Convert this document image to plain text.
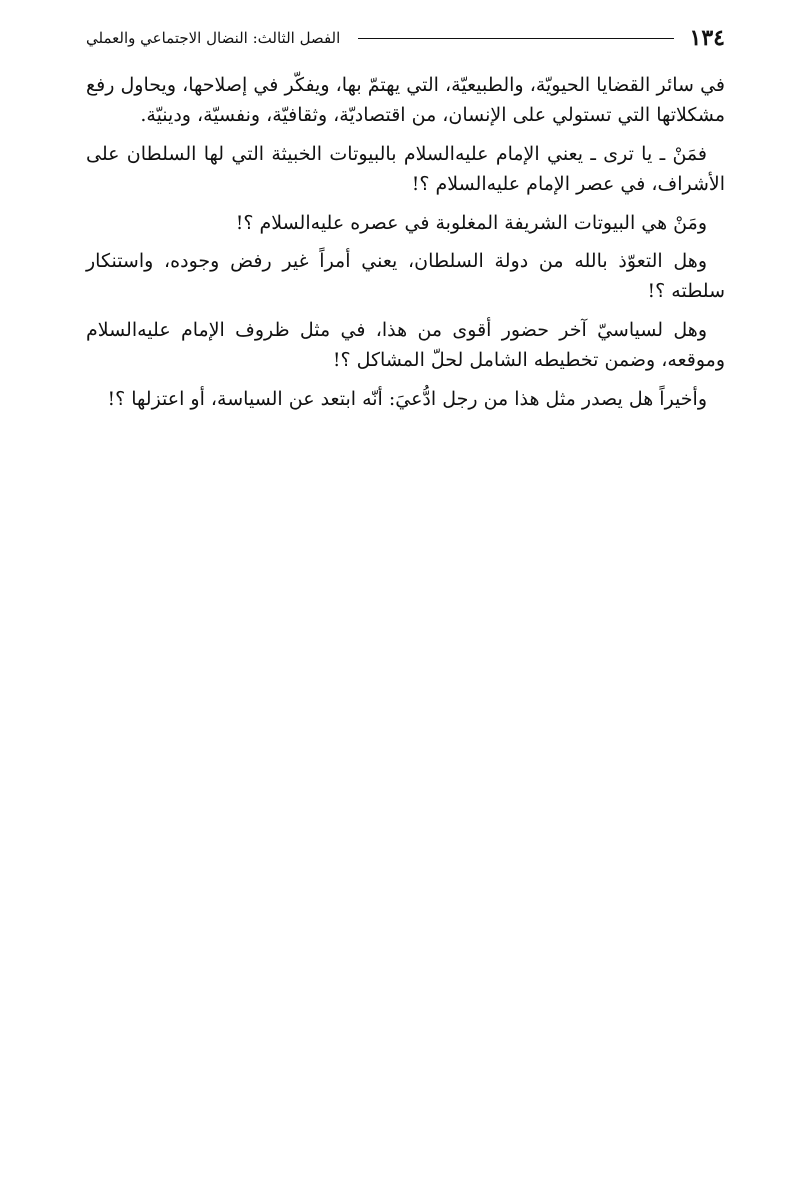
١٣٤
الفصل الثالث: النضال الاجتماعي والعملي

في سائر القضايا الحيويّة، والطبيعيّة، التي يهتمّ بها، ويفكّر في إصلاحها، ويحاول رفع مشكلاتها التي تستولي على الإنسان، من اقتصاديّة، وثقافيّة، ونفسيّة، ودينيّة.

فمَنْ ـ يا ترى ـ يعني الإمام عليه‌السلام بالبيوتات الخبيثة التي لها السلطان على الأشراف، في عصر الإمام عليه‌السلام ؟!

ومَنْ هي البيوتات الشريفة المغلوبة في عصره عليه‌السلام ؟!

وهل التعوّذ بالله من دولة السلطان، يعني أمراً غير رفض وجوده، واستنكار سلطته ؟!

وهل لسياسيّ آخر حضور أقوى من هذا، في مثل ظروف الإمام عليه‌السلام وموقعه، وضمن تخطيطه الشامل لحلّ المشاكل ؟!

وأخيراً هل يصدر مثل هذا من رجل ادُّعيَ: أنّه ابتعد عن السياسة، أو اعتزلها ؟!
